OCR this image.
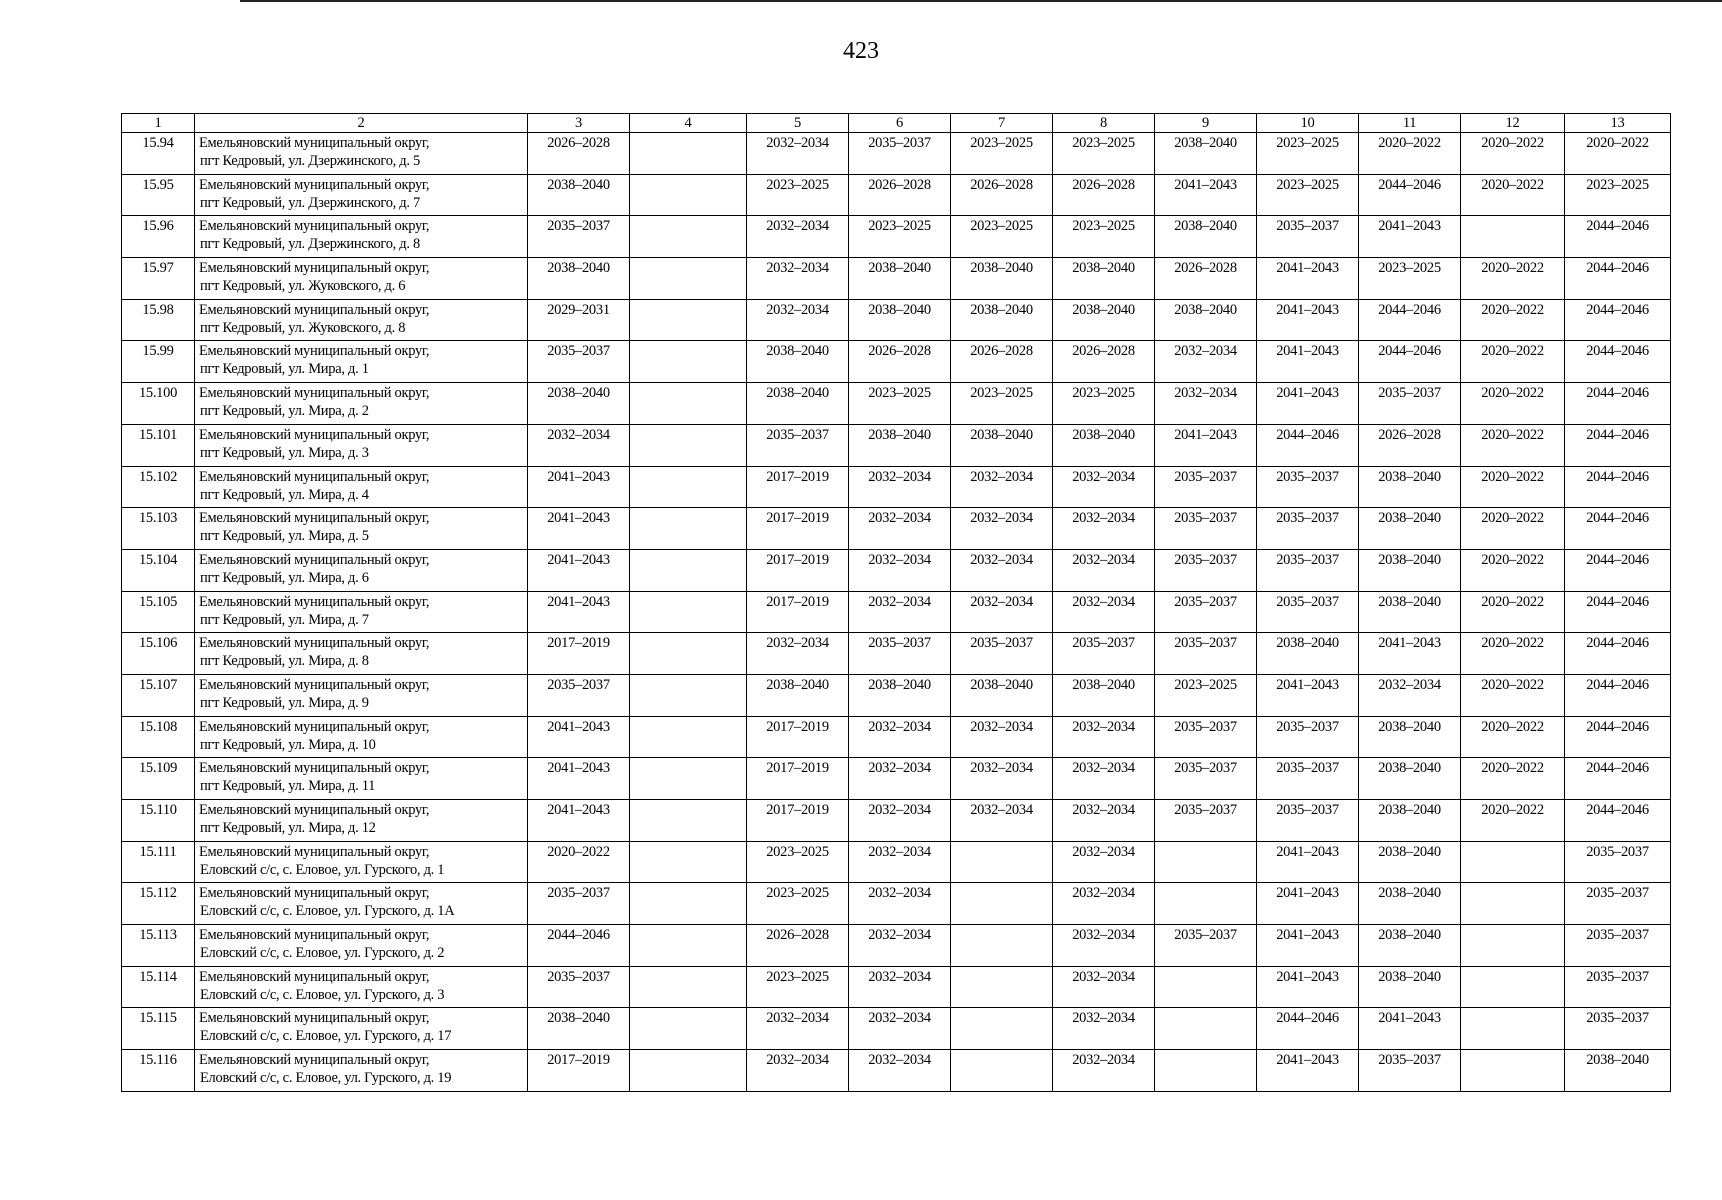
423
1	2	3	4	5	6	7	8	9	10	11	12	13
15.94	Емельяновский муниципальный округ,
пгт Кедровый, ул. Дзержинского, д. 5	2026–2028		2032–2034	2035–2037	2023–2025	2023–2025	2038–2040	2023–2025	2020–2022	2020–2022	2020–2022
15.95	Емельяновский муниципальный округ,
пгт Кедровый, ул. Дзержинского, д. 7	2038–2040		2023–2025	2026–2028	2026–2028	2026–2028	2041–2043	2023–2025	2044–2046	2020–2022	2023–2025
15.96	Емельяновский муниципальный округ,
пгт Кедровый, ул. Дзержинского, д. 8	2035–2037		2032–2034	2023–2025	2023–2025	2023–2025	2038–2040	2035–2037	2041–2043		2044–2046
15.97	Емельяновский муниципальный округ,
пгт Кедровый, ул. Жуковского, д. 6	2038–2040		2032–2034	2038–2040	2038–2040	2038–2040	2026–2028	2041–2043	2023–2025	2020–2022	2044–2046
15.98	Емельяновский муниципальный округ,
пгт Кедровый, ул. Жуковского, д. 8	2029–2031		2032–2034	2038–2040	2038–2040	2038–2040	2038–2040	2041–2043	2044–2046	2020–2022	2044–2046
15.99	Емельяновский муниципальный округ,
пгт Кедровый, ул. Мира, д. 1	2035–2037		2038–2040	2026–2028	2026–2028	2026–2028	2032–2034	2041–2043	2044–2046	2020–2022	2044–2046
15.100	Емельяновский муниципальный округ,
пгт Кедровый, ул. Мира, д. 2	2038–2040		2038–2040	2023–2025	2023–2025	2023–2025	2032–2034	2041–2043	2035–2037	2020–2022	2044–2046
15.101	Емельяновский муниципальный округ,
пгт Кедровый, ул. Мира, д. 3	2032–2034		2035–2037	2038–2040	2038–2040	2038–2040	2041–2043	2044–2046	2026–2028	2020–2022	2044–2046
15.102	Емельяновский муниципальный округ,
пгт Кедровый, ул. Мира, д. 4	2041–2043		2017–2019	2032–2034	2032–2034	2032–2034	2035–2037	2035–2037	2038–2040	2020–2022	2044–2046
15.103	Емельяновский муниципальный округ,
пгт Кедровый, ул. Мира, д. 5	2041–2043		2017–2019	2032–2034	2032–2034	2032–2034	2035–2037	2035–2037	2038–2040	2020–2022	2044–2046
15.104	Емельяновский муниципальный округ,
пгт Кедровый, ул. Мира, д. 6	2041–2043		2017–2019	2032–2034	2032–2034	2032–2034	2035–2037	2035–2037	2038–2040	2020–2022	2044–2046
15.105	Емельяновский муниципальный округ,
пгт Кедровый, ул. Мира, д. 7	2041–2043		2017–2019	2032–2034	2032–2034	2032–2034	2035–2037	2035–2037	2038–2040	2020–2022	2044–2046
15.106	Емельяновский муниципальный округ,
пгт Кедровый, ул. Мира, д. 8	2017–2019		2032–2034	2035–2037	2035–2037	2035–2037	2035–2037	2038–2040	2041–2043	2020–2022	2044–2046
15.107	Емельяновский муниципальный округ,
пгт Кедровый, ул. Мира, д. 9	2035–2037		2038–2040	2038–2040	2038–2040	2038–2040	2023–2025	2041–2043	2032–2034	2020–2022	2044–2046
15.108	Емельяновский муниципальный округ,
пгт Кедровый, ул. Мира, д. 10	2041–2043		2017–2019	2032–2034	2032–2034	2032–2034	2035–2037	2035–2037	2038–2040	2020–2022	2044–2046
15.109	Емельяновский муниципальный округ,
пгт Кедровый, ул. Мира, д. 11	2041–2043		2017–2019	2032–2034	2032–2034	2032–2034	2035–2037	2035–2037	2038–2040	2020–2022	2044–2046
15.110	Емельяновский муниципальный округ,
пгт Кедровый, ул. Мира, д. 12	2041–2043		2017–2019	2032–2034	2032–2034	2032–2034	2035–2037	2035–2037	2038–2040	2020–2022	2044–2046
15.111	Емельяновский муниципальный округ,
Еловский с/с, с. Еловое, ул. Гурского, д. 1	2020–2022		2023–2025	2032–2034		2032–2034		2041–2043	2038–2040		2035–2037
15.112	Емельяновский муниципальный округ,
Еловский с/с, с. Еловое, ул. Гурского, д. 1А	2035–2037		2023–2025	2032–2034		2032–2034		2041–2043	2038–2040		2035–2037
15.113	Емельяновский муниципальный округ,
Еловский с/с, с. Еловое, ул. Гурского, д. 2	2044–2046		2026–2028	2032–2034		2032–2034	2035–2037	2041–2043	2038–2040		2035–2037
15.114	Емельяновский муниципальный округ,
Еловский с/с, с. Еловое, ул. Гурского, д. 3	2035–2037		2023–2025	2032–2034		2032–2034		2041–2043	2038–2040		2035–2037
15.115	Емельяновский муниципальный округ,
Еловский с/с, с. Еловое, ул. Гурского, д. 17	2038–2040		2032–2034	2032–2034		2032–2034		2044–2046	2041–2043		2035–2037
15.116	Емельяновский муниципальный округ,
Еловский с/с, с. Еловое, ул. Гурского, д. 19	2017–2019		2032–2034	2032–2034		2032–2034		2041–2043	2035–2037		2038–2040
